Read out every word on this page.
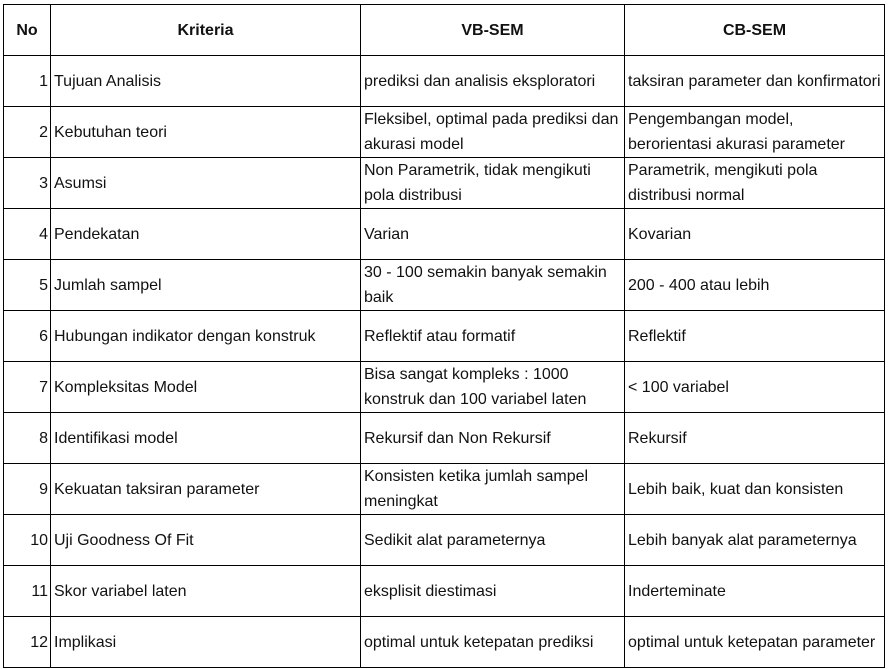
No	Kriteria	VB-SEM	CB-SEM
1	Tujuan Analisis	prediksi dan analisis eksploratori	taksiran parameter dan konfirmatori
2	Kebutuhan teori	Fleksibel, optimal pada prediksi dan akurasi model	Pengembangan model, berorientasi akurasi parameter
3	Asumsi	Non Parametrik, tidak mengikuti pola distribusi	Parametrik, mengikuti pola distribusi normal
4	Pendekatan	Varian	Kovarian
5	Jumlah sampel	30 - 100 semakin banyak semakin baik	200 - 400 atau lebih
6	Hubungan indikator dengan konstruk	Reflektif atau formatif	Reflektif
7	Kompleksitas Model	Bisa sangat kompleks : 1000 konstruk dan 100 variabel laten	< 100 variabel
8	Identifikasi model	Rekursif dan Non Rekursif	Rekursif
9	Kekuatan taksiran parameter	Konsisten ketika jumlah sampel meningkat	Lebih baik, kuat dan konsisten
10	Uji Goodness Of Fit	Sedikit alat parameternya	Lebih banyak alat parameternya
11	Skor variabel laten	eksplisit diestimasi	Inderteminate
12	Implikasi	optimal untuk ketepatan prediksi	optimal untuk ketepatan parameter
